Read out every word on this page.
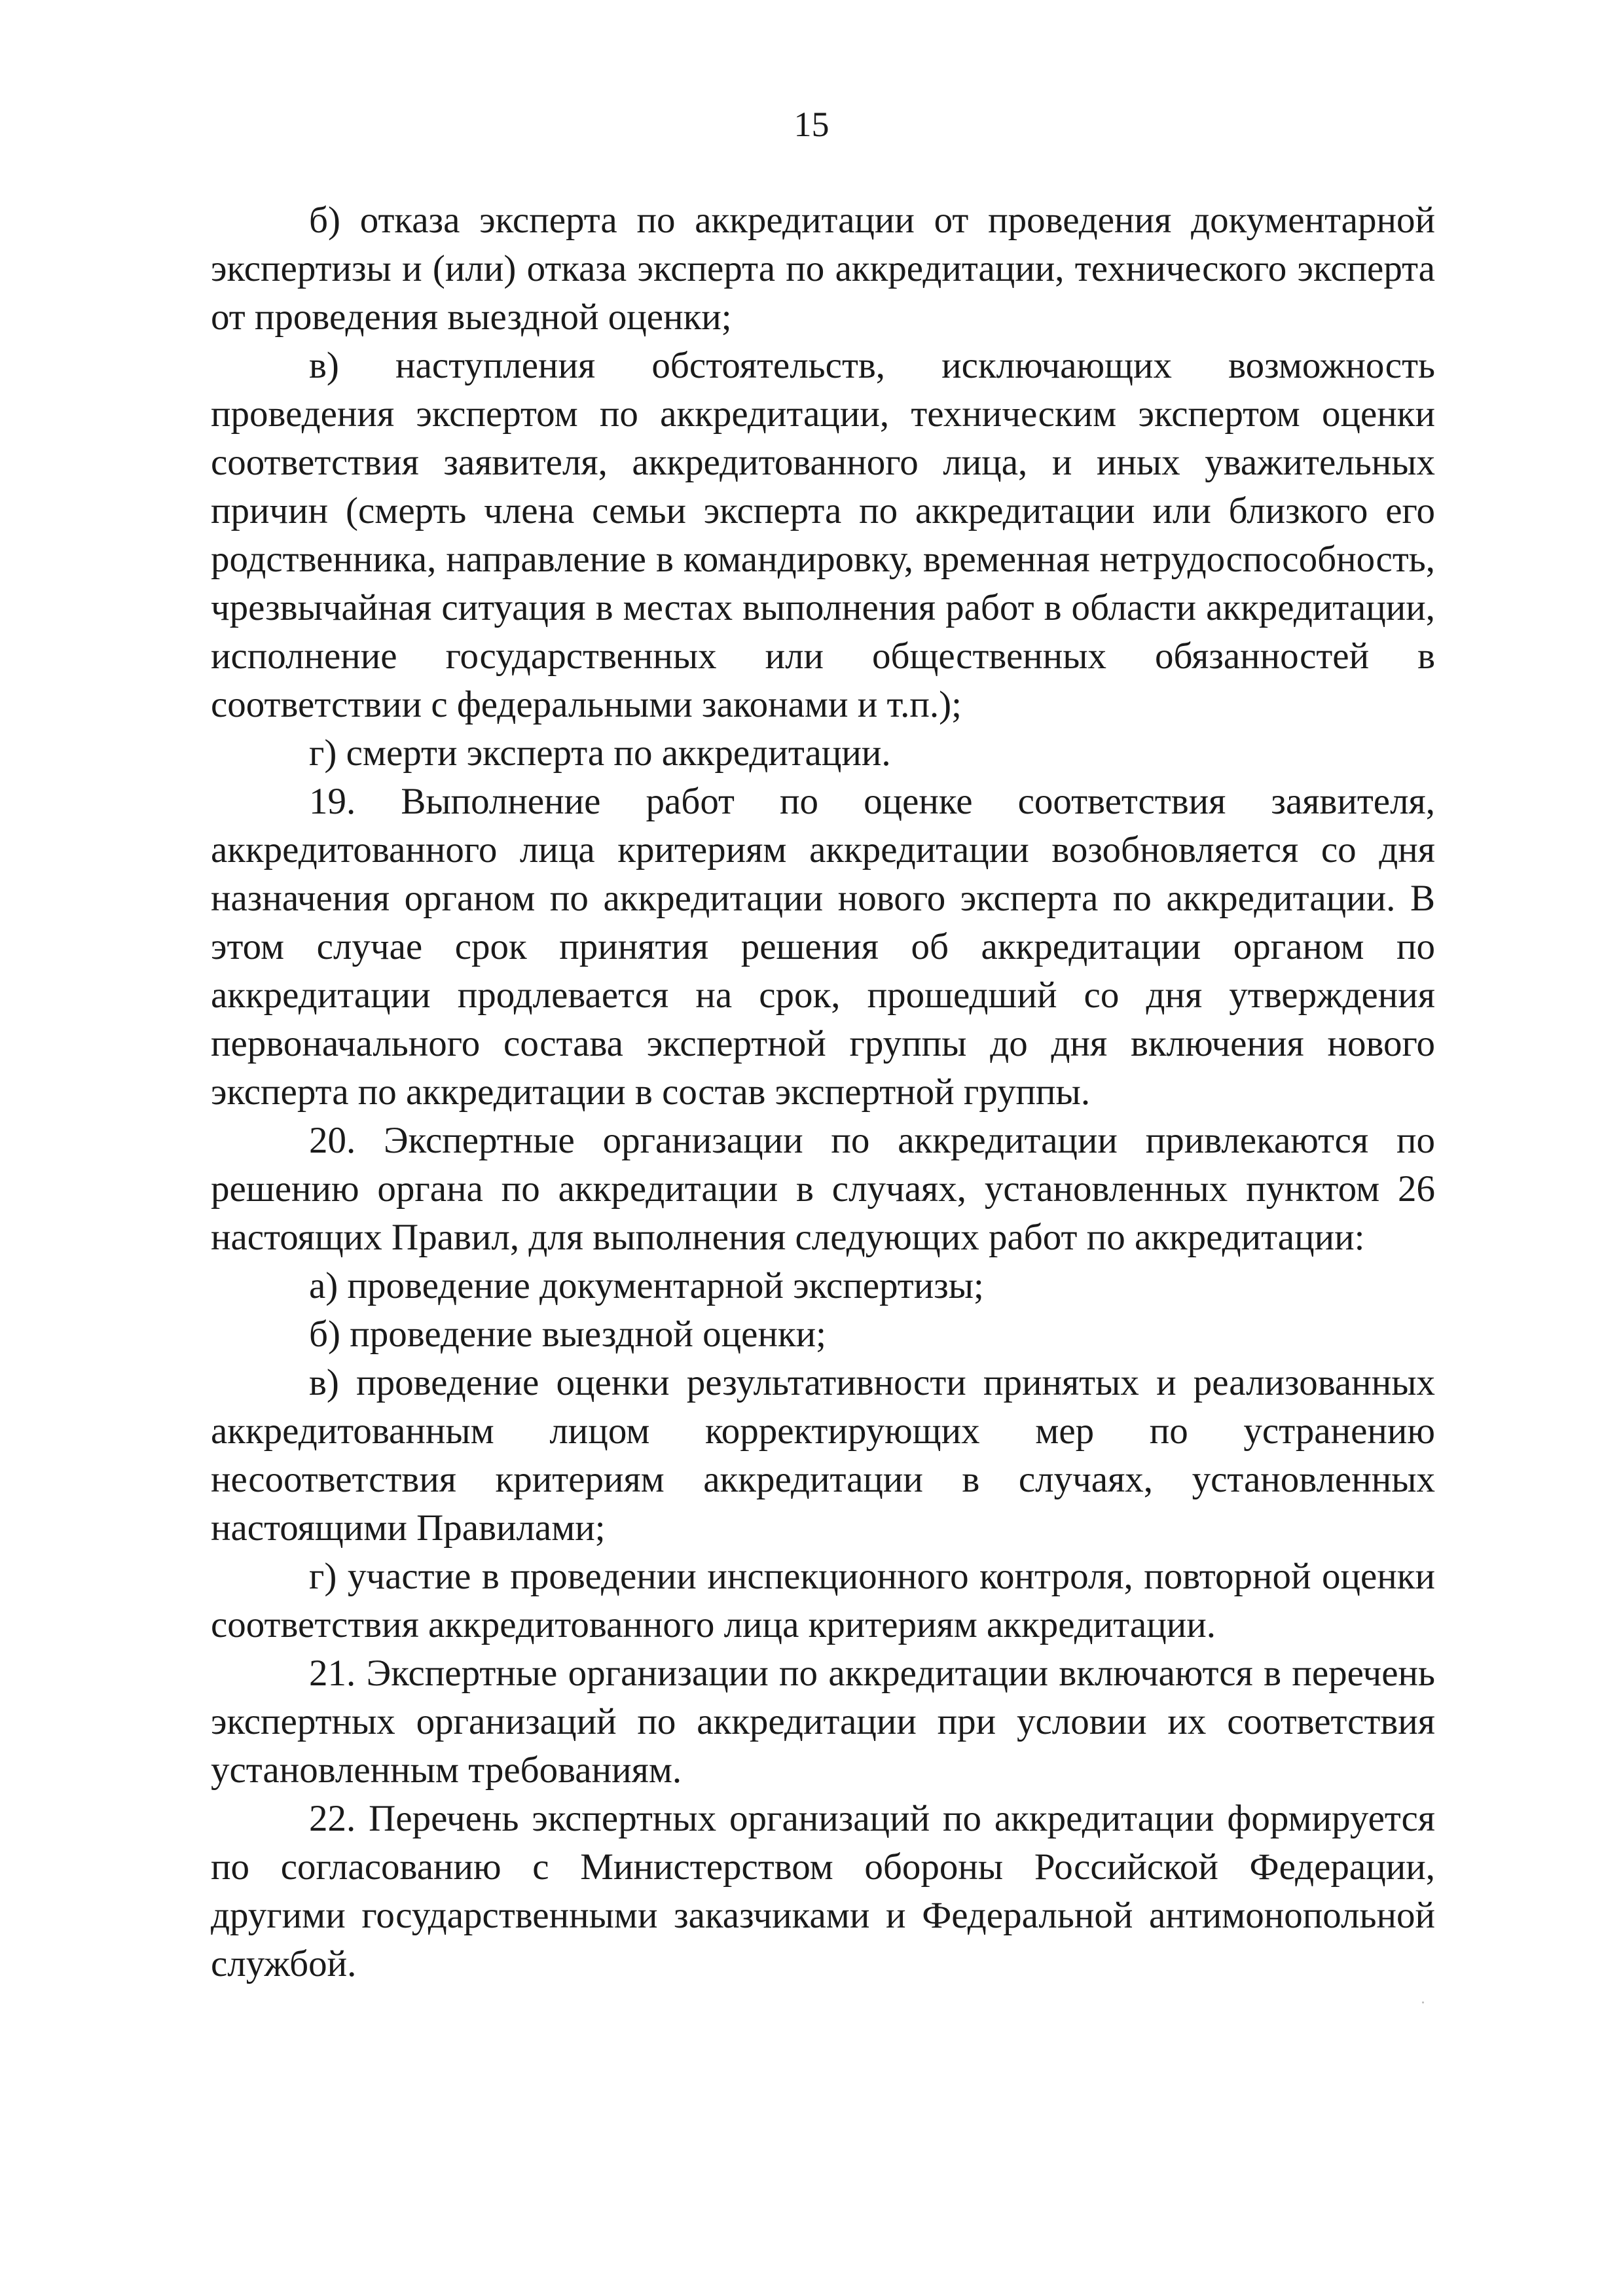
15

б) отказа эксперта по аккредитации от проведения документарной экспертизы и (или) отказа эксперта по аккредитации, технического эксперта от проведения выездной оценки;

в) наступления обстоятельств, исключающих возможность проведения экспертом по аккредитации, техническим экспертом оценки соответствия заявителя, аккредитованного лица, и иных уважительных причин (смерть члена семьи эксперта по аккредитации или близкого его родственника, направление в командировку, временная нетрудоспособность, чрезвычайная ситуация в местах выполнения работ в области аккредитации, исполнение государственных или общественных обязанностей в соответствии с федеральными законами и т.п.);

г) смерти эксперта по аккредитации.

19. Выполнение работ по оценке соответствия заявителя, аккредитованного лица критериям аккредитации возобновляется со дня назначения органом по аккредитации нового эксперта по аккредитации. В этом случае срок принятия решения об аккредитации органом по аккредитации продлевается на срок, прошедший со дня утверждения первоначального состава экспертной группы до дня включения нового эксперта по аккредитации в состав экспертной группы.

20. Экспертные организации по аккредитации привлекаются по решению органа по аккредитации в случаях, установленных пунктом 26 настоящих Правил, для выполнения следующих работ по аккредитации:

а) проведение документарной экспертизы;

б) проведение выездной оценки;

в) проведение оценки результативности принятых и реализованных аккредитованным лицом корректирующих мер по устранению несоответствия критериям аккредитации в случаях, установленных настоящими Правилами;

г) участие в проведении инспекционного контроля, повторной оценки соответствия аккредитованного лица критериям аккредитации.

21. Экспертные организации по аккредитации включаются в перечень экспертных организаций по аккредитации при условии их соответствия установленным требованиям.

22. Перечень экспертных организаций по аккредитации формируется по согласованию с Министерством обороны Российской Федерации, другими государственными заказчиками и Федеральной антимонопольной службой.
